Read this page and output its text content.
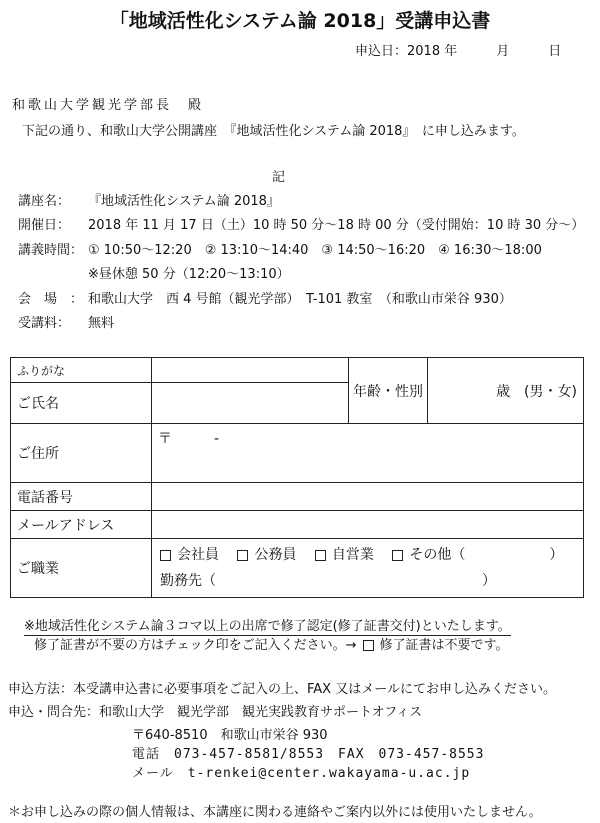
「地域活性化システム論 2018」受講申込書
申込日：2018 年　　　月　　　日
和歌山大学観光学部長　殿
下記の通り、和歌山大学公開講座　『地域活性化システム論 2018』　に申し込みます。
記
講座名： 『地域活性化システム論 2018』
開催日： 2018 年 11 月 17 日（土）10 時 50 分～18 時 00 分（受付開始：10 時 30 分～）
講義時間： ① 10:50～12:20　② 13:10～14:40　③ 14:50～16:20　④ 16:30～18:00
※昼休憩 50 分（12:20～13:10）
会　場　： 和歌山大学　西 4 号館（観光学部）　T-101 教室　（和歌山市栄谷 930）
受講料： 無料
ふりがな		年齢・性別	歳　(男・女)
ご氏名			
ご住所	〒　　　-		
電話番号			
メールアドレス			
ご職業	会社員 公務員 自営業 その他（　　　　　　）
勤務先（　　　　　　　　　　　　　　　　　　　）		
※地域活性化システム論３コマ以上の出席で修了認定(修了証書交付)といたします。
修了証書が不要の方はチェック印をご記入ください。→ 修了証書は不要です。
申込方法：本受講申込書に必要事項をご記入の上、FAX 又はメールにてお申し込みください。
申込・問合先：和歌山大学　観光学部　観光実践教育サポートオフィス
〒640-8510　和歌山市栄谷 930
電話　073-457-8581/8553　FAX　073-457-8553
メール　t-renkei@center.wakayama-u.ac.jp
＊お申し込みの際の個人情報は、本講座に関わる連絡やご案内以外には使用いたしません。
